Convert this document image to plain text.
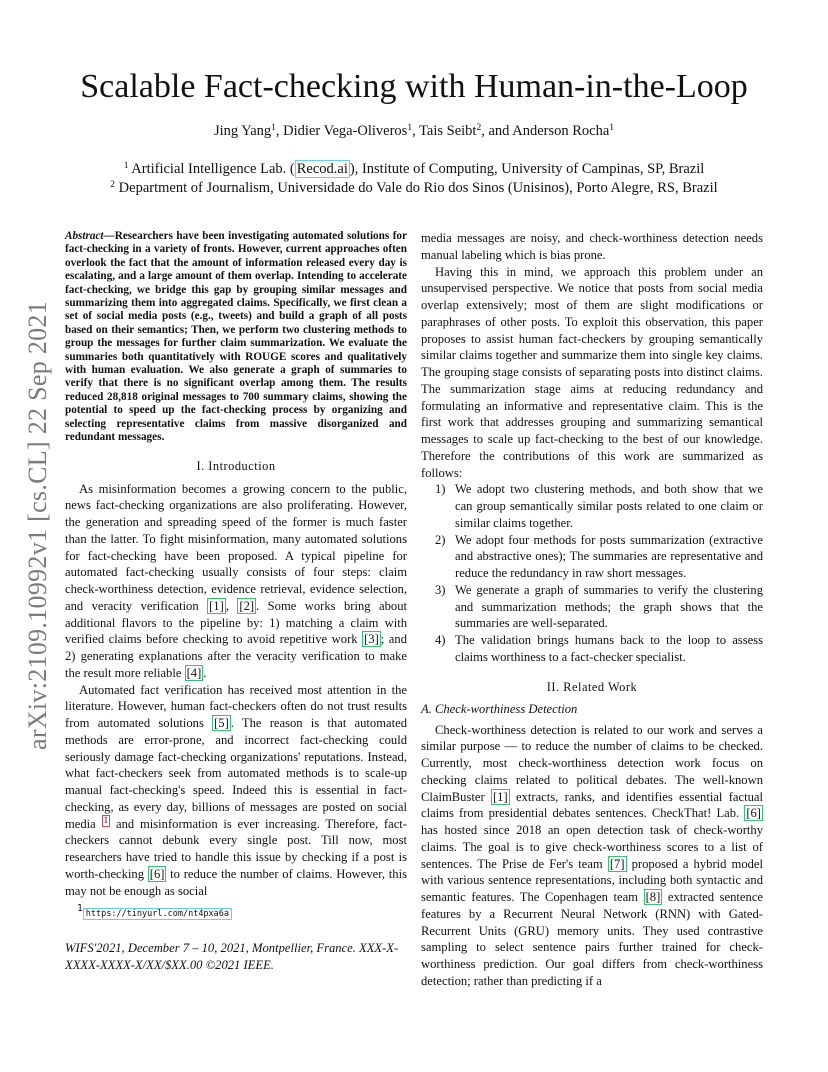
arXiv:2109.10992v1 [cs.CL] 22 Sep 2021
Scalable Fact-checking with Human-in-the-Loop
Jing Yang$^1$, Didier Vega-Oliveros$^1$, Tais Seibt$^2$, and Anderson Rocha$^1$
$^1$ Artificial Intelligence Lab. ( Recod.ai ), Institute of Computing, University of Campinas, SP, Brazil
$^2$ Department of Journalism, Universidade do Vale do Rio dos Sinos (Unisinos), Porto Alegre, RS, Brazil

Abstract—Researchers have been investigating automated solutions for fact-checking in a variety of fronts. However, current approaches often overlook the fact that the amount of information released every day is escalating, and a large amount of them overlap. Intending to accelerate fact-checking, we bridge this gap by grouping similar messages and summarizing them into aggregated claims. Specifically, we first clean a set of social media posts (e.g., tweets) and build a graph of all posts based on their semantics; Then, we perform two clustering methods to group the messages for further claim summarization. We evaluate the summaries both quantitatively with ROUGE scores and qualitatively with human evaluation. We also generate a graph of summaries to verify that there is no significant overlap among them. The results reduced 28,818 original messages to 700 summary claims, showing the potential to speed up the fact-checking process by organizing and selecting representative claims from massive disorganized and redundant messages.

I. Introduction

As misinformation becomes a growing concern to the public, news fact-checking organizations are also proliferating. However, the generation and spreading speed of the former is much faster than the latter. To fight misinformation, many automated solutions for fact-checking have been proposed. A typical pipeline for automated fact-checking usually consists of four steps: claim check-worthiness detection, evidence retrieval, evidence selection, and veracity verification [1] , [2] . Some works bring about additional flavors to the pipeline by: 1) matching a claim with verified claims before checking to avoid repetitive work [3] ; and 2) generating explanations after the veracity verification to make the result more reliable [4] .

Automated fact verification has received most attention in the literature. However, human fact-checkers often do not trust results from automated solutions [5] . The reason is that automated methods are error-prone, and incorrect fact-checking could seriously damage fact-checking organizations' reputations. Instead, what fact-checkers seek from automated methods is to scale-up manual fact-checking's speed. Indeed this is essential in fact-checking, as every day, billions of messages are posted on social media $^1$ and misinformation is ever increasing. Therefore, fact-checkers cannot debunk every single post. Till now, most researchers have tried to handle this issue by checking if a post is worth-checking [6] to reduce the number of claims. However, this may not be enough as social

$^1$ https://tinyurl.com/nt4pxa6a
WIFS'2021, December 7 – 10, 2021, Montpellier, France. XXX-X-XXXX-XXXX-X/XX/$XX.00 ©2021 IEEE.

media messages are noisy, and check-worthiness detection needs manual labeling which is bias prone.

Having this in mind, we approach this problem under an unsupervised perspective. We notice that posts from social media overlap extensively; most of them are slight modifications or paraphrases of other posts. To exploit this observation, this paper proposes to assist human fact-checkers by grouping semantically similar claims together and summarize them into single key claims. The grouping stage consists of separating posts into distinct claims. The summarization stage aims at reducing redundancy and formulating an informative and representative claim. This is the first work that addresses grouping and summarizing semantical messages to scale up fact-checking to the best of our knowledge. Therefore the contributions of this work are summarized as follows:

1) We adopt two clustering methods, and both show that we can group semantically similar posts related to one claim or similar claims together.
2) We adopt four methods for posts summarization (extractive and abstractive ones); The summaries are representative and reduce the redundancy in raw short messages.
3) We generate a graph of summaries to verify the clustering and summarization methods; the graph shows that the summaries are well-separated.
4) The validation brings humans back to the loop to assess claims worthiness to a fact-checker specialist.
II. Related Work
A. Check-worthiness Detection

Check-worthiness detection is related to our work and serves a similar purpose — to reduce the number of claims to be checked. Currently, most check-worthiness detection work focus on checking claims related to political debates. The well-known ClaimBuster [1] extracts, ranks, and identifies essential factual claims from presidential debates sentences. CheckThat! Lab. [6] has hosted since 2018 an open detection task of check-worthy claims. The goal is to give check-worthiness scores to a list of sentences. The Prise de Fer's team [7] proposed a hybrid model with various sentence representations, including both syntactic and semantic features. The Copenhagen team [8] extracted sentence features by a Recurrent Neural Network (RNN) with Gated-Recurrent Units (GRU) memory units. They used contrastive sampling to select sentence pairs further trained for check-worthiness prediction. Our goal differs from check-worthiness detection; rather than predicting if a
